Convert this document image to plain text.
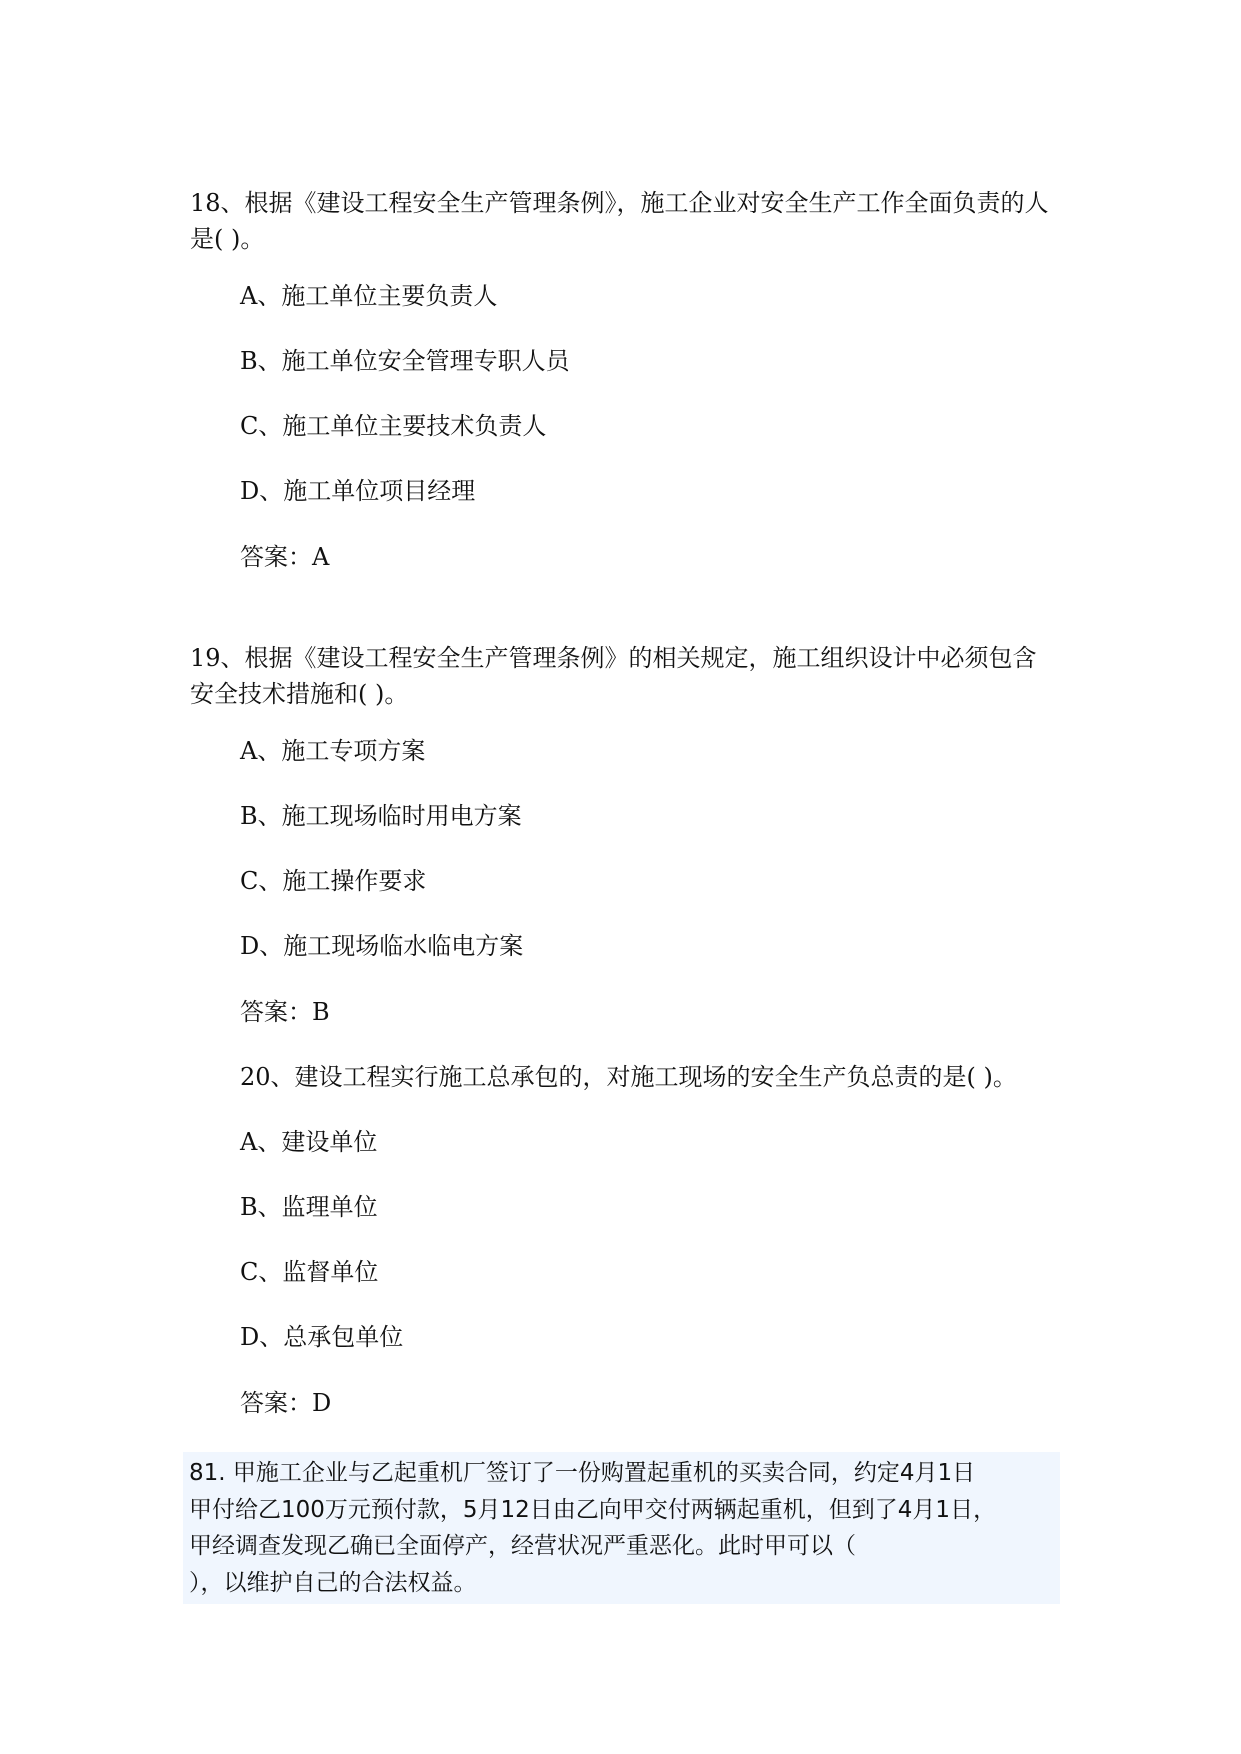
18、根据《建设工程安全生产管理条例》，施工企业对安全生产工作全面负责的人是( )。
A、施工单位主要负责人
B、施工单位安全管理专职人员
C、施工单位主要技术负责人
D、施工单位项目经理
答案：A
19、根据《建设工程安全生产管理条例》的相关规定，施工组织设计中必须包含安全技术措施和( )。
A、施工专项方案
B、施工现场临时用电方案
C、施工操作要求
D、施工现场临水临电方案
答案：B
20、建设工程实行施工总承包的，对施工现场的安全生产负总责的是( )。
A、建设单位
B、监理单位
C、监督单位
D、总承包单位
答案：D
81. 甲施工企业与乙起重机厂签订了一份购置起重机的买卖合同，约定4月1日
甲付给乙100万元预付款，5月12日由乙向甲交付两辆起重机，但到了4月1日，
甲经调查发现乙确已全面停产，经营状况严重恶化。此时甲可以（
），以维护自己的合法权益。
